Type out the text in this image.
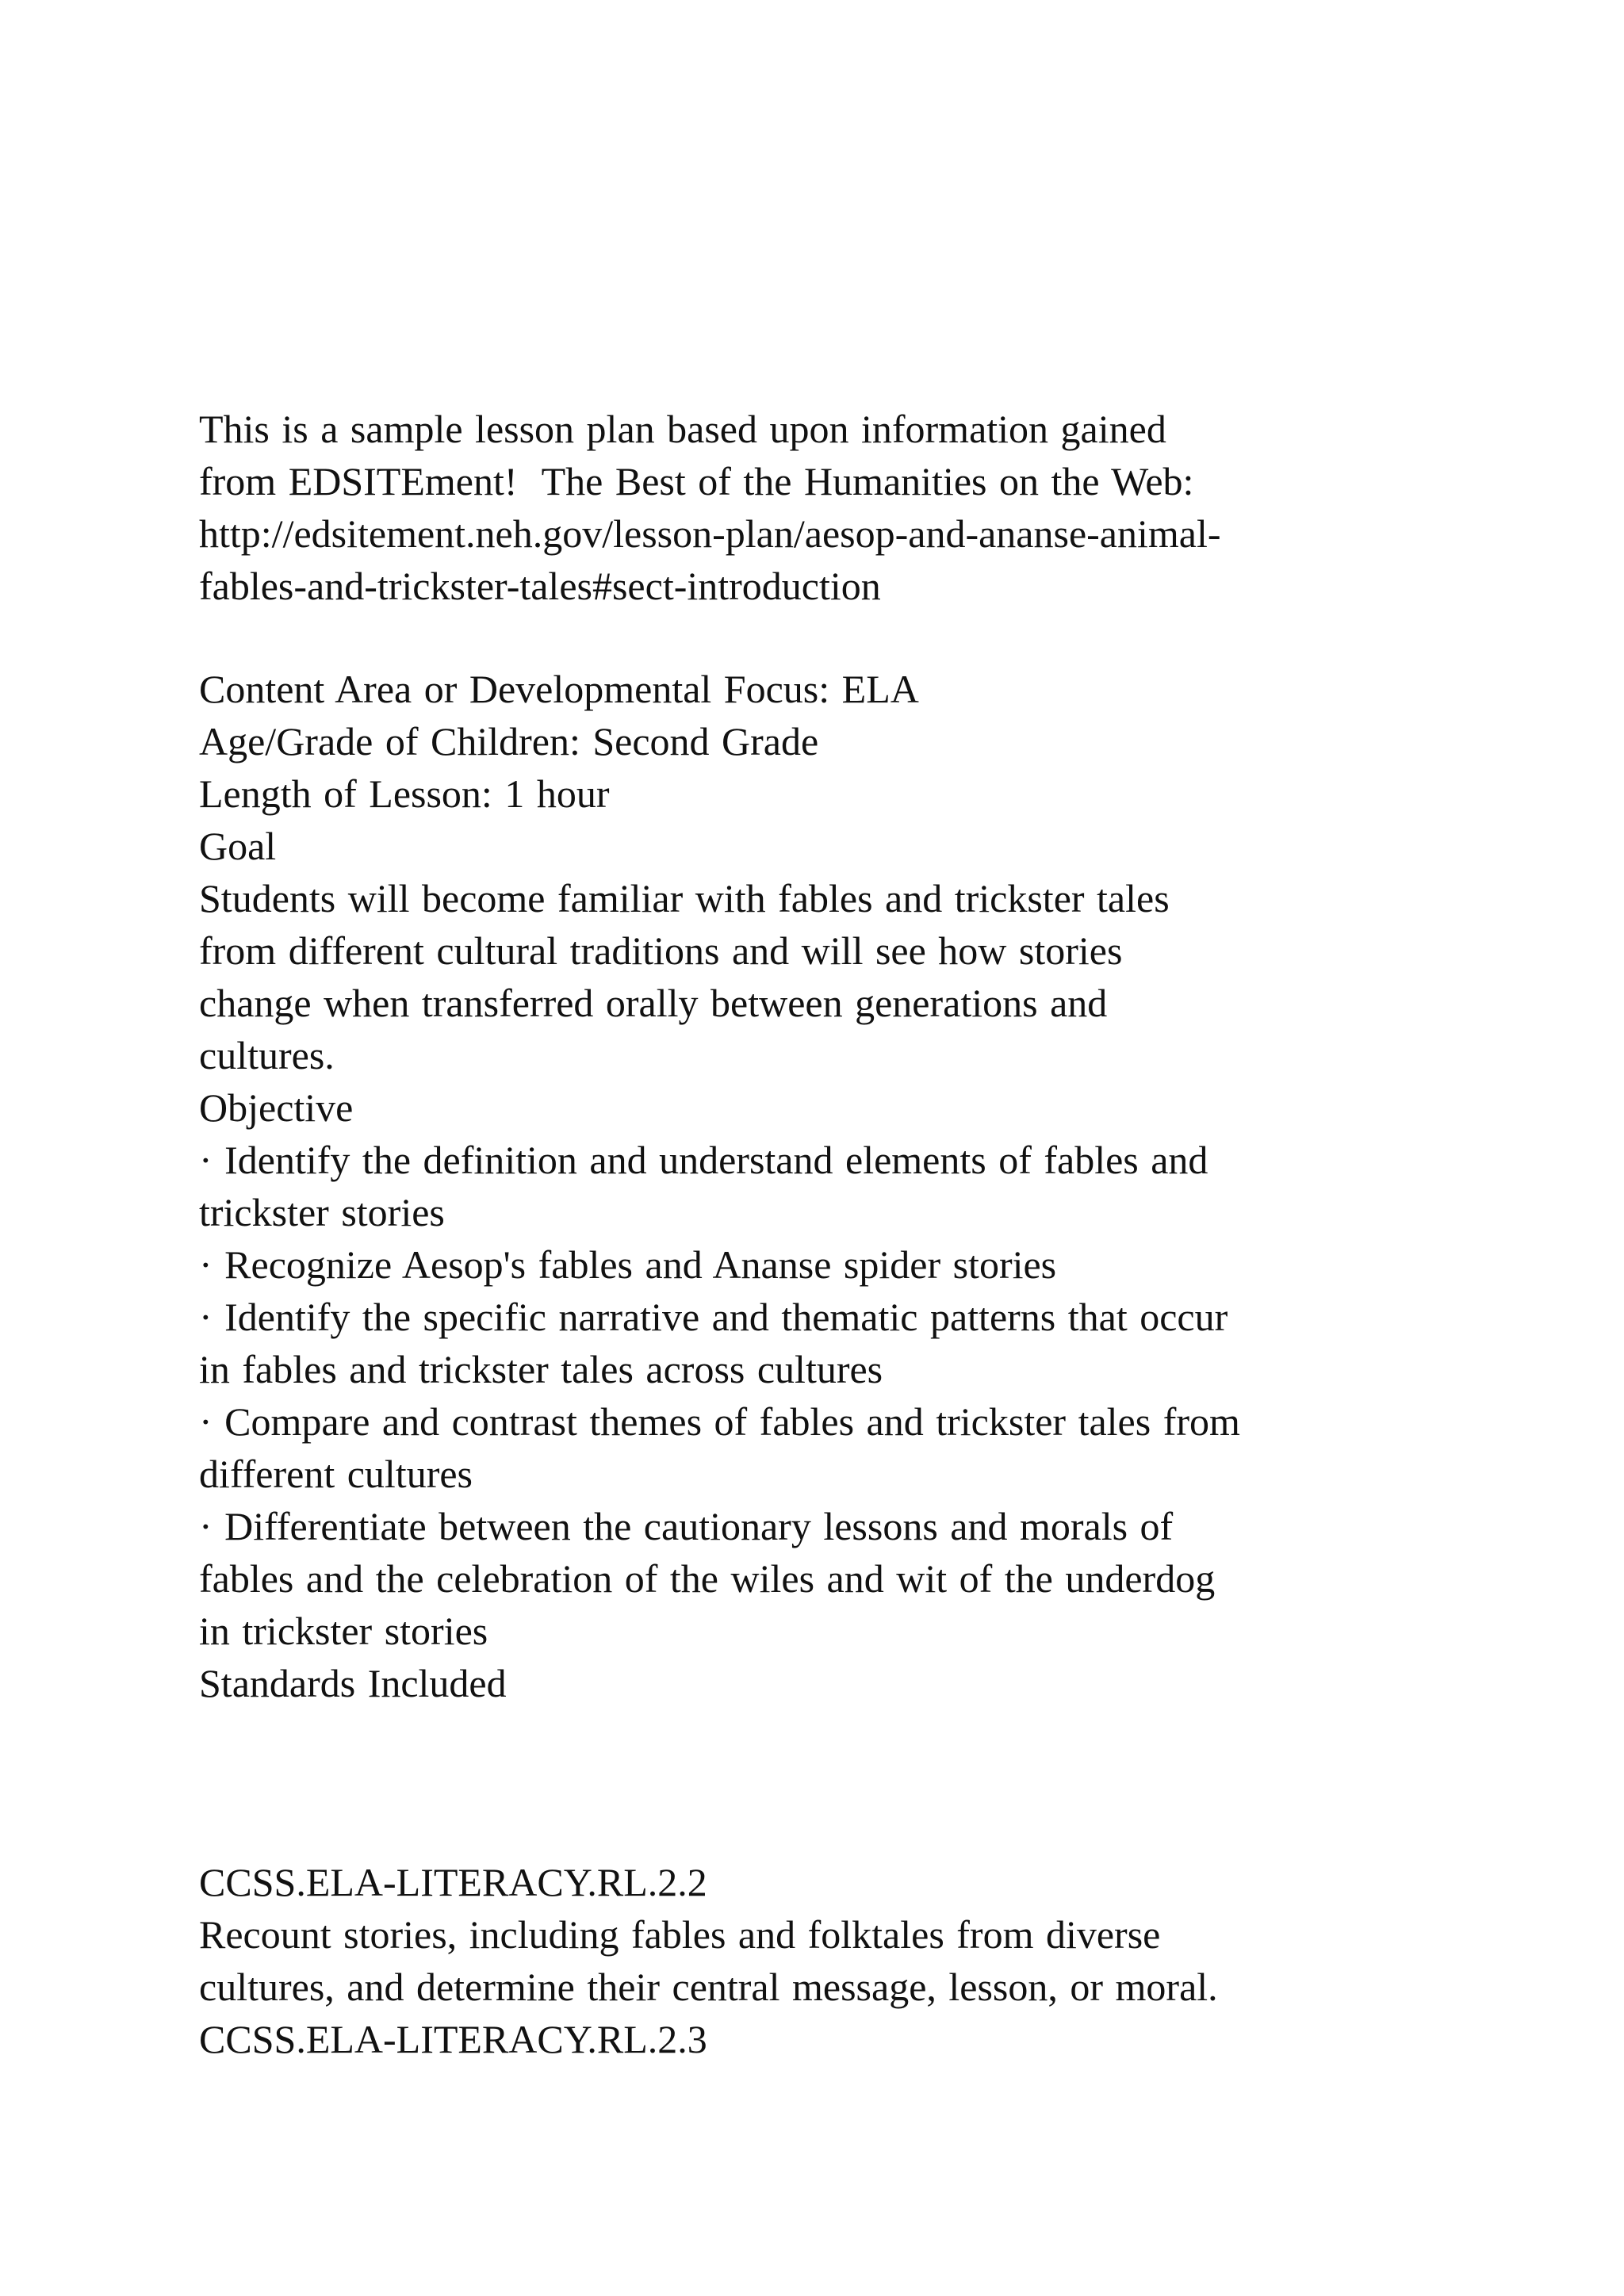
This is a sample lesson plan based upon information gained
from EDSITEment!  The Best of the Humanities on the Web:
http://edsitement.neh.gov/lesson-plan/aesop-and-ananse-animal-
fables-and-trickster-tales#sect-introduction
Content Area or Developmental Focus: ELA
Age/Grade of Children: Second Grade
Length of Lesson: 1 hour
Goal
Students will become familiar with fables and trickster tales
from different cultural traditions and will see how stories
change when transferred orally between generations and
cultures.
Objective
· Identify the definition and understand elements of fables and
trickster stories
· Recognize Aesop's fables and Ananse spider stories
· Identify the specific narrative and thematic patterns that occur
in fables and trickster tales across cultures
· Compare and contrast themes of fables and trickster tales from
different cultures
· Differentiate between the cautionary lessons and morals of
fables and the celebration of the wiles and wit of the underdog
in trickster stories
Standards Included
CCSS.ELA-LITERACY.RL.2.2
Recount stories, including fables and folktales from diverse
cultures, and determine their central message, lesson, or moral.
CCSS.ELA-LITERACY.RL.2.3
